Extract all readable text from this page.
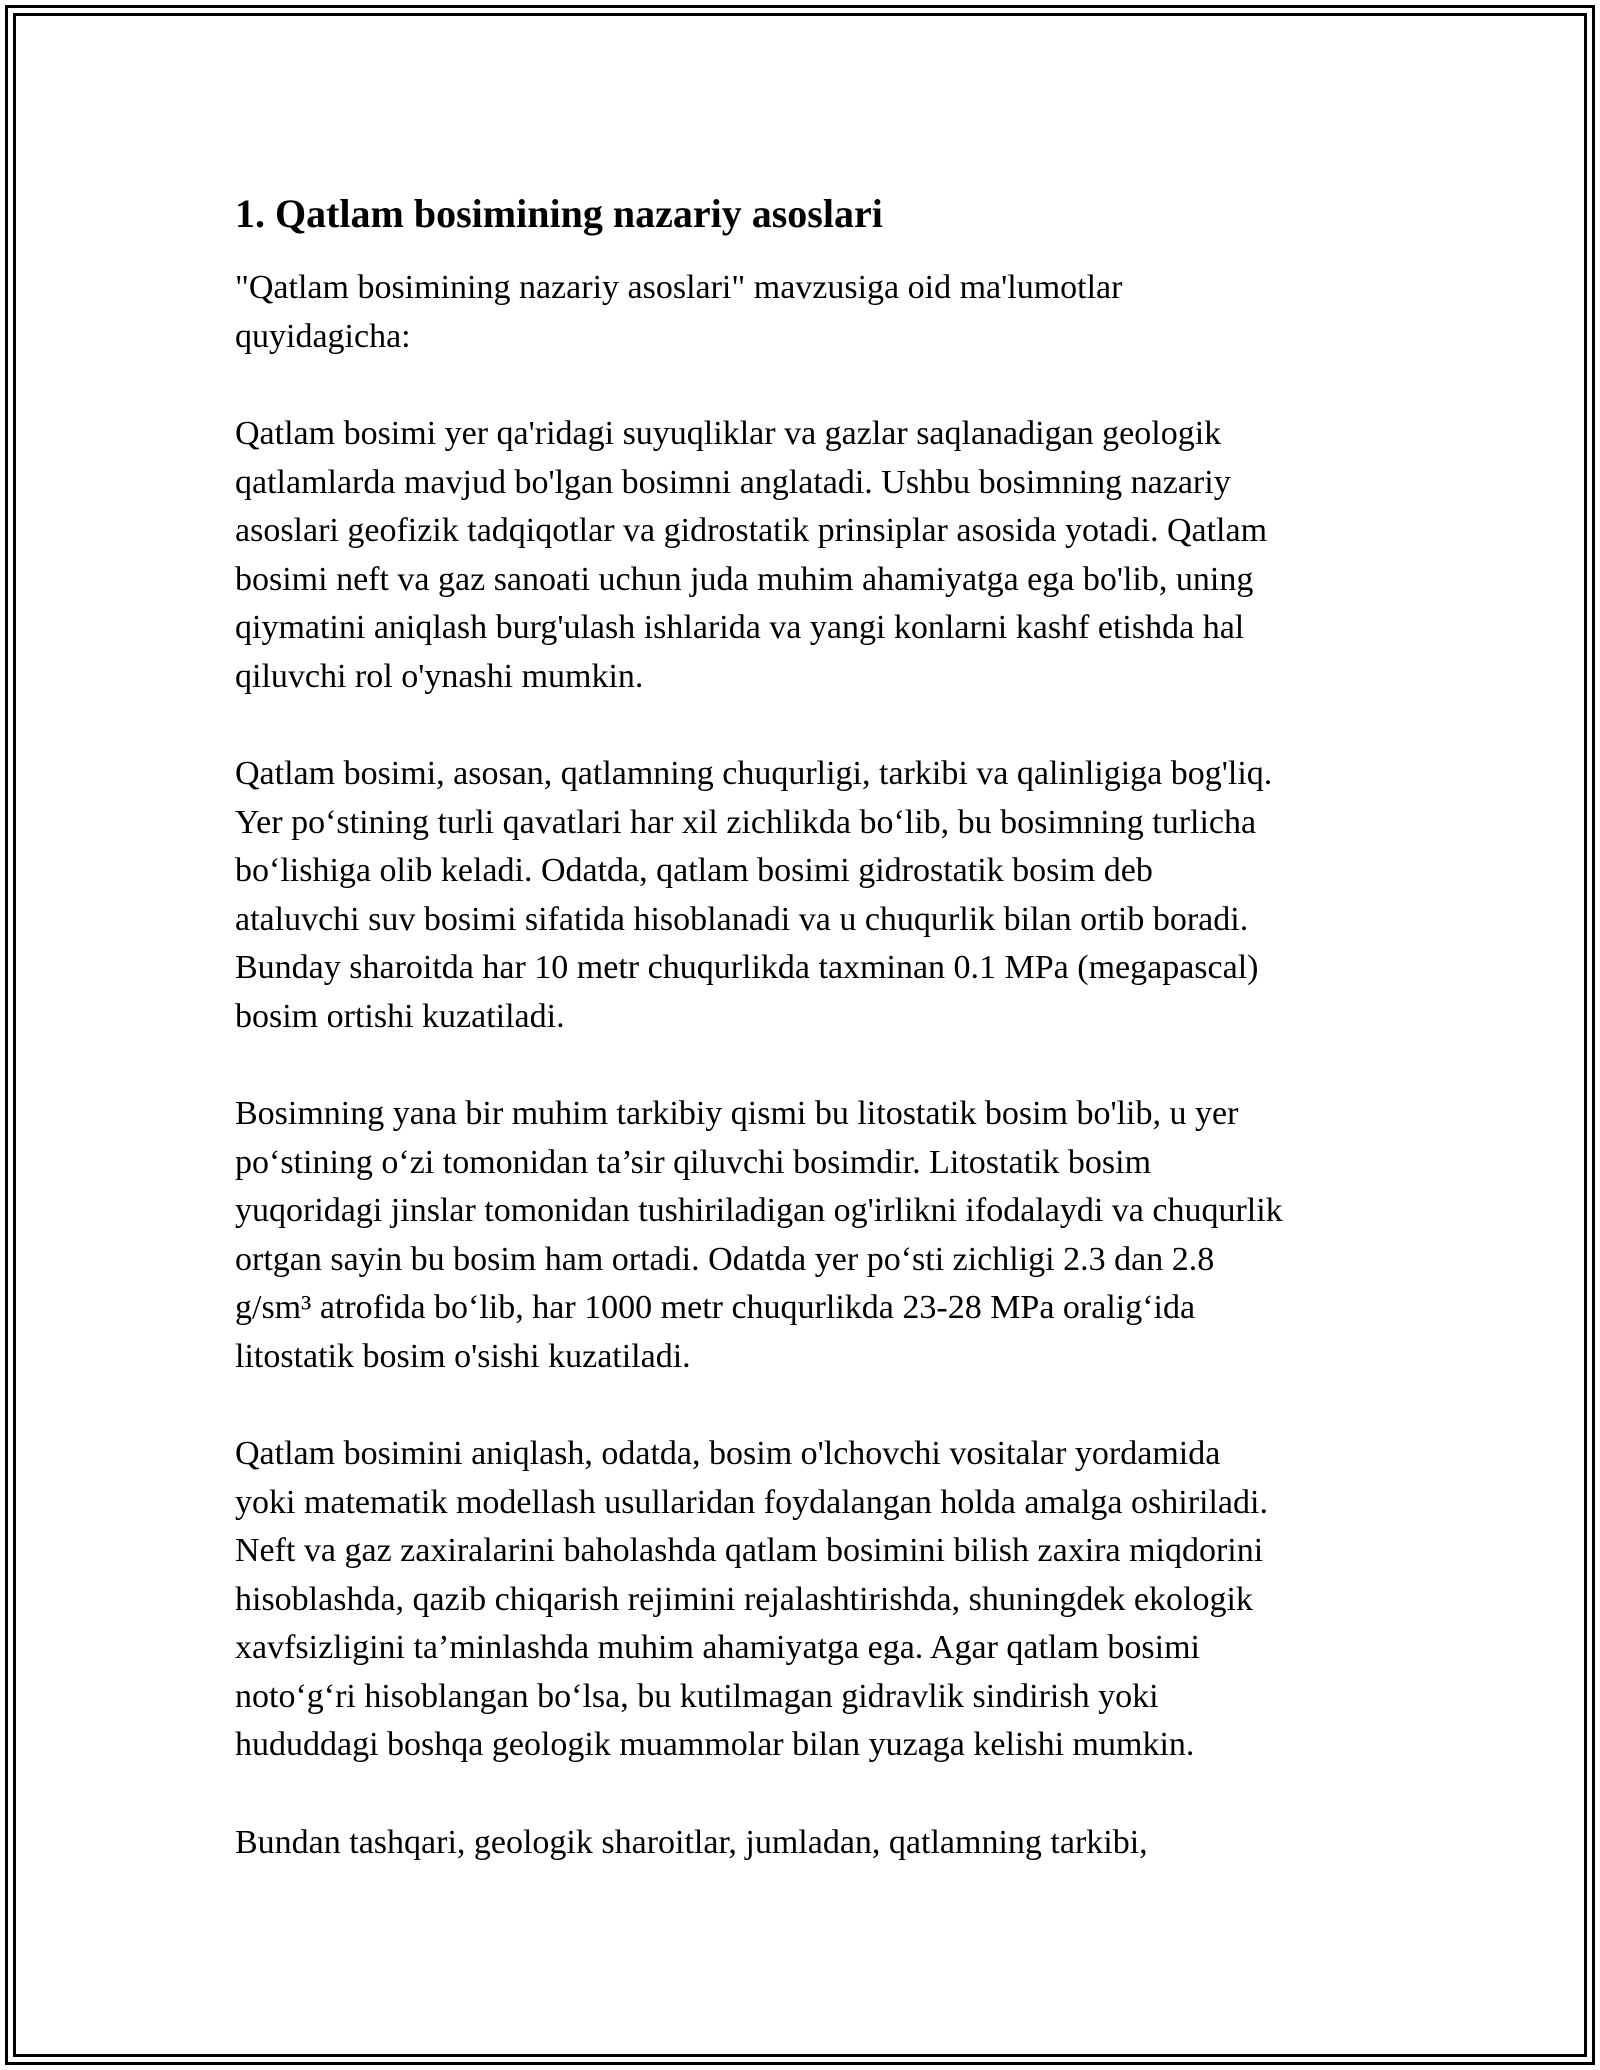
1. Qatlam bosimining nazariy asoslari

"Qatlam bosimining nazariy asoslari" mavzusiga oid ma'lumotlar
quyidagicha:

Qatlam bosimi yer qa'ridagi suyuqliklar va gazlar saqlanadigan geologik
qatlamlarda mavjud bo'lgan bosimni anglatadi. Ushbu bosimning nazariy
asoslari geofizik tadqiqotlar va gidrostatik prinsiplar asosida yotadi. Qatlam
bosimi neft va gaz sanoati uchun juda muhim ahamiyatga ega bo'lib, uning
qiymatini aniqlash burg'ulash ishlarida va yangi konlarni kashf etishda hal
qiluvchi rol o'ynashi mumkin.

Qatlam bosimi, asosan, qatlamning chuqurligi, tarkibi va qalinligiga bog'liq.
Yer po‘stining turli qavatlari har xil zichlikda bo‘lib, bu bosimning turlicha
bo‘lishiga olib keladi. Odatda, qatlam bosimi gidrostatik bosim deb
ataluvchi suv bosimi sifatida hisoblanadi va u chuqurlik bilan ortib boradi.
Bunday sharoitda har 10 metr chuqurlikda taxminan 0.1 MPa (megapascal)
bosim ortishi kuzatiladi.

Bosimning yana bir muhim tarkibiy qismi bu litostatik bosim bo'lib, u yer
po‘stining o‘zi tomonidan ta’sir qiluvchi bosimdir. Litostatik bosim
yuqoridagi jinslar tomonidan tushiriladigan og'irlikni ifodalaydi va chuqurlik
ortgan sayin bu bosim ham ortadi. Odatda yer po‘sti zichligi 2.3 dan 2.8
g/sm³ atrofida bo‘lib, har 1000 metr chuqurlikda 23-28 MPa oralig‘ida
litostatik bosim o'sishi kuzatiladi.

Qatlam bosimini aniqlash, odatda, bosim o'lchovchi vositalar yordamida
yoki matematik modellash usullaridan foydalangan holda amalga oshiriladi.
Neft va gaz zaxiralarini baholashda qatlam bosimini bilish zaxira miqdorini
hisoblashda, qazib chiqarish rejimini rejalashtirishda, shuningdek ekologik
xavfsizligini ta’minlashda muhim ahamiyatga ega. Agar qatlam bosimi
noto‘g‘ri hisoblangan bo‘lsa, bu kutilmagan gidravlik sindirish yoki
hududdagi boshqa geologik muammolar bilan yuzaga kelishi mumkin.

Bundan tashqari, geologik sharoitlar, jumladan, qatlamning tarkibi,
